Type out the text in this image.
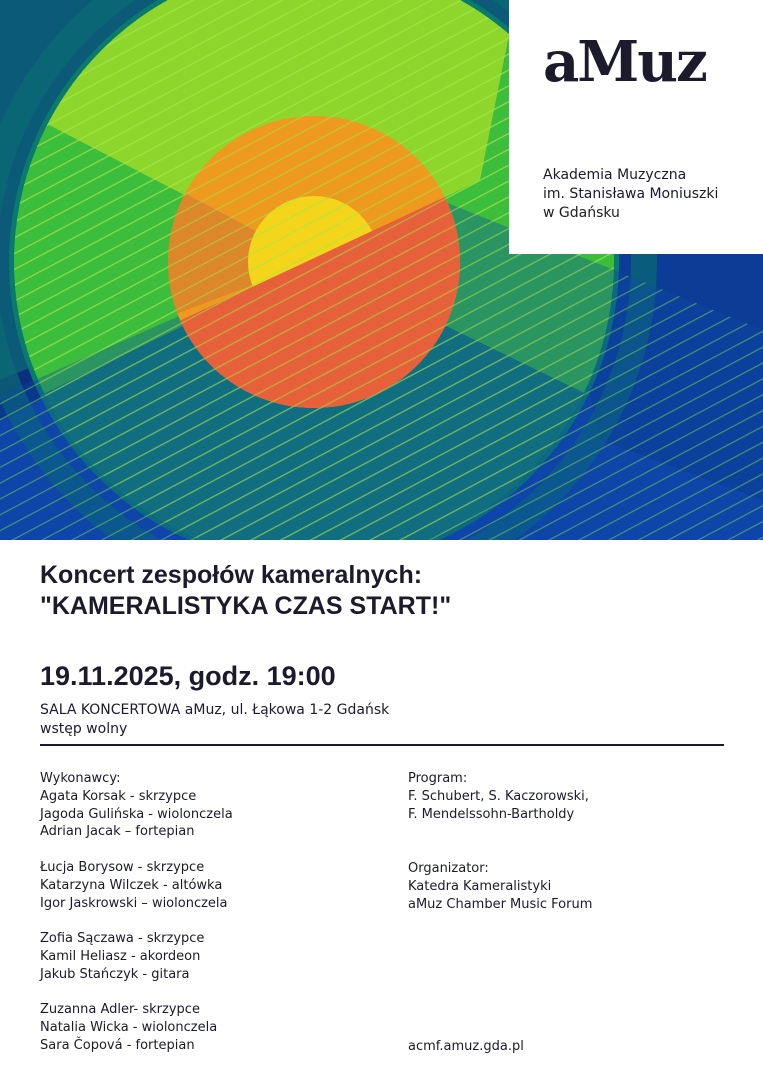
aMuz
Akademia Muzyczna
im. Stanisława Moniuszki
w Gdańsku
Koncert zespołów kameralnych:
"KAMERALISTYKA CZAS START!"
19.11.2025, godz. 19:00
SALA KONCERTOWA aMuz, ul. Łąkowa 1-2 Gdańsk
wstęp wolny
Wykonawcy:
Agata Korsak - skrzypce
Jagoda Gulińska - wiolonczela
Adrian Jacak – fortepian
Łucja Borysow - skrzypce
Katarzyna Wilczek - altówka
Igor Jaskrowski – wiolonczela
Zofia Sączawa - skrzypce
Kamil Heliasz - akordeon
Jakub Stańczyk - gitara
Zuzanna Adler- skrzypce
Natalia Wicka - wiolonczela
Sara Čopová - fortepian
Program:
F. Schubert, S. Kaczorowski,
F. Mendelssohn-Bartholdy
Organizator:
Katedra Kameralistyki
aMuz Chamber Music Forum
acmf.amuz.gda.pl
